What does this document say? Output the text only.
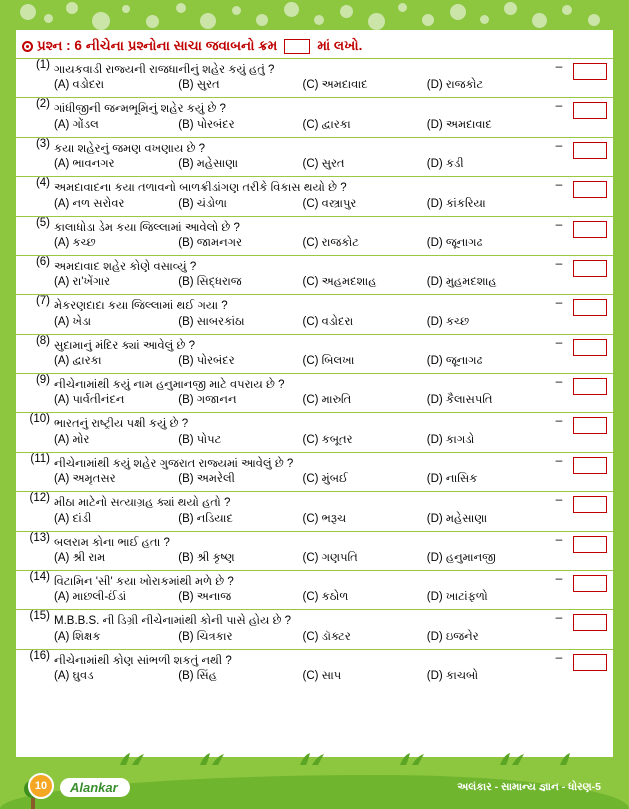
પ્રશ્ન : 6 નીચેના પ્રશ્નોના સાચા જવાબનો ક્રમ	માં લખો.
(1)	ગાયકવાડી રાજ્યની રાજધાનીનું શહેર કયું હતું ?
(A) વડોદરા (B) સુરત (C) અમદાવાદ (D) રાજકોટ	–	

(2)	ગાંધીજીની જન્મભૂમિનું શહેર કયું છે ?
(A) ગોંડલ (B) પોરબંદર (C) દ્વારકા (D) અમદાવાદ	–	

(3)	કયા શહેરનું જમણ વખણાય છે ?
(A) ભાવનગર (B) મહેસાણા (C) સુરત (D) કડી	–	

(4)	અમદાવાદના કયા તળાવનો બાળક્રીડાંગણ તરીકે વિકાસ થયો છે ?
(A) નળ સરોવર (B) ચંડોળા (C) વસ્ત્રાપુર (D) કાંકરિયા	–	

(5)	કાલાધોડા ડેમ કયા જિલ્લામાં આવેલો છે ?
(A) કચ્છ (B) જામનગર (C) રાજકોટ (D) જૂનાગઢ	–	

(6)	અમદાવાદ શહેર કોણે વસાવ્યું ?
(A) રા'ખેંગાર (B) સિદ્ધરાજ (C) અહમદશાહ (D) મુહમદશાહ	–	

(7)	મેકરણદાદા કયા જિલ્લામાં થઈ ગયા ?
(A) ખેડા (B) સાબરકાંઠા (C) વડોદરા (D) કચ્છ	–	

(8)	સુદામાનું મંદિર ક્યાં આવેલું છે ?
(A) દ્વારકા (B) પોરબંદર (C) બિલખા (D) જૂનાગઢ	–	

(9)	નીચેનામાંથી કયું નામ હનુમાનજી માટે વપરાય છે ?
(A) પાર્વતીનંદન (B) ગજાનન (C) મારુતિ (D) કૈલાસપતિ	–	

(10)	ભારતનું રાષ્ટ્રીય પક્ષી કયું છે ?
(A) મોર (B) પોપટ (C) કબૂતર (D) કાગડો	–	

(11)	નીચેનામાંથી કયું શહેર ગુજરાત રાજ્યમાં આવેલું છે ?
(A) અમૃતસર (B) અમરેલી (C) મુંબઈ (D) નાસિક	–	

(12)	મીઠા માટેનો સત્યાગ્રહ ક્યાં થયો હતો ?
(A) દાંડી (B) નડિયાદ (C) ભરૂચ (D) મહેસાણા	–	

(13)	બલરામ કોના ભાઈ હતા ?
(A) શ્રી રામ (B) શ્રી કૃષ્ણ (C) ગણપતિ (D) હનુમાનજી	–	

(14)	વિટામિન 'સી' કયા ખોરાકમાંથી મળે છે ?
(A) માછલી-ઈંડાં (B) અનાજ (C) કઠોળ (D) ખાટાંફળો	–	

(15)	M.B.B.S. ની ડિગ્રી નીચેનામાંથી કોની પાસે હોય છે ?
(A) શિક્ષક (B) ચિત્રકાર (C) ડૉક્ટર (D) ઇજનેર	–	

(16)	નીચેનામાંથી કોણ સાંભળી શકતું નથી ?
(A) ઘુવડ (B) સિંહ (C) સાપ (D) કાચબો	–	
10	Alankar	અલંકાર - સામાન્ય જ્ઞાન - ધોરણ-5
